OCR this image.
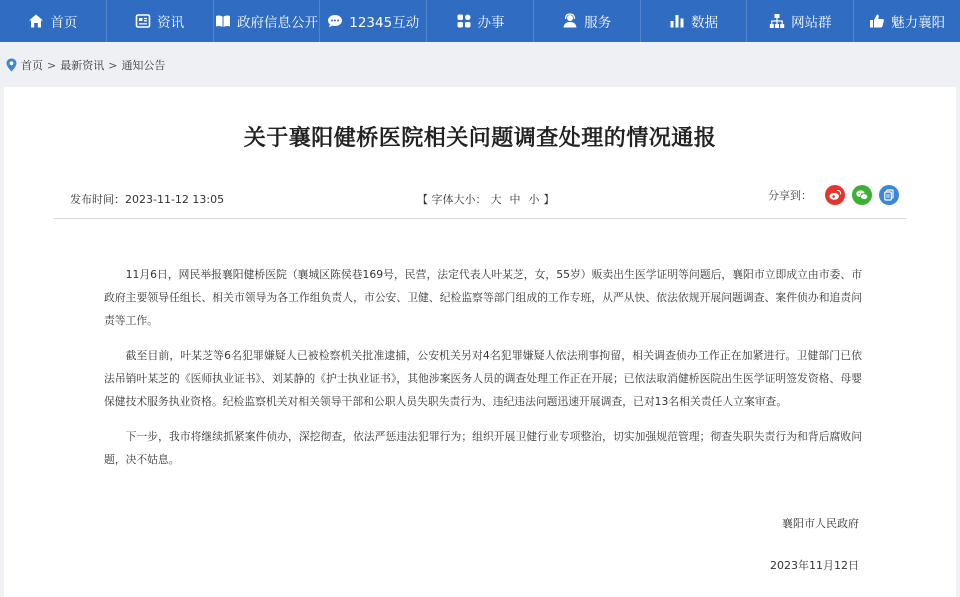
首页	资讯	政府信息公开 12345互动	办事	服务	数据	网站群	魅力襄阳
首页 > 最新资讯 > 通知公告
关于襄阳健桥医院相关问题调查处理的情况通报
发布时间：2023-11-12 13:05	【 字体大小： 大 中 小 】	分享到：

11月6日，网民举报襄阳健桥医院（襄城区陈侯巷169号，民营，法定代表人叶某芝，女，55岁）贩卖出生医学证明等问题后，襄阳市立即成立由市委、市政府主要领导任组长、相关市领导为各工作组负责人，市公安、卫健、纪检监察等部门组成的工作专班，从严从快、依法依规开展问题调查、案件侦办和追责问责等工作。

截至目前，叶某芝等6名犯罪嫌疑人已被检察机关批准逮捕，公安机关另对4名犯罪嫌疑人依法刑事拘留，相关调查侦办工作正在加紧进行。卫健部门已依法吊销叶某芝的《医师执业证书》、刘某静的《护士执业证书》，其他涉案医务人员的调查处理工作正在开展；已依法取消健桥医院出生医学证明签发资格、母婴保健技术服务执业资格。纪检监察机关对相关领导干部和公职人员失职失责行为、违纪违法问题迅速开展调查，已对13名相关责任人立案审查。

下一步，我市将继续抓紧案件侦办，深挖彻查，依法严惩违法犯罪行为；组织开展卫健行业专项整治，切实加强规范管理；彻查失职失责行为和背后腐败问题，决不姑息。

襄阳市人民政府
2023年11月12日
